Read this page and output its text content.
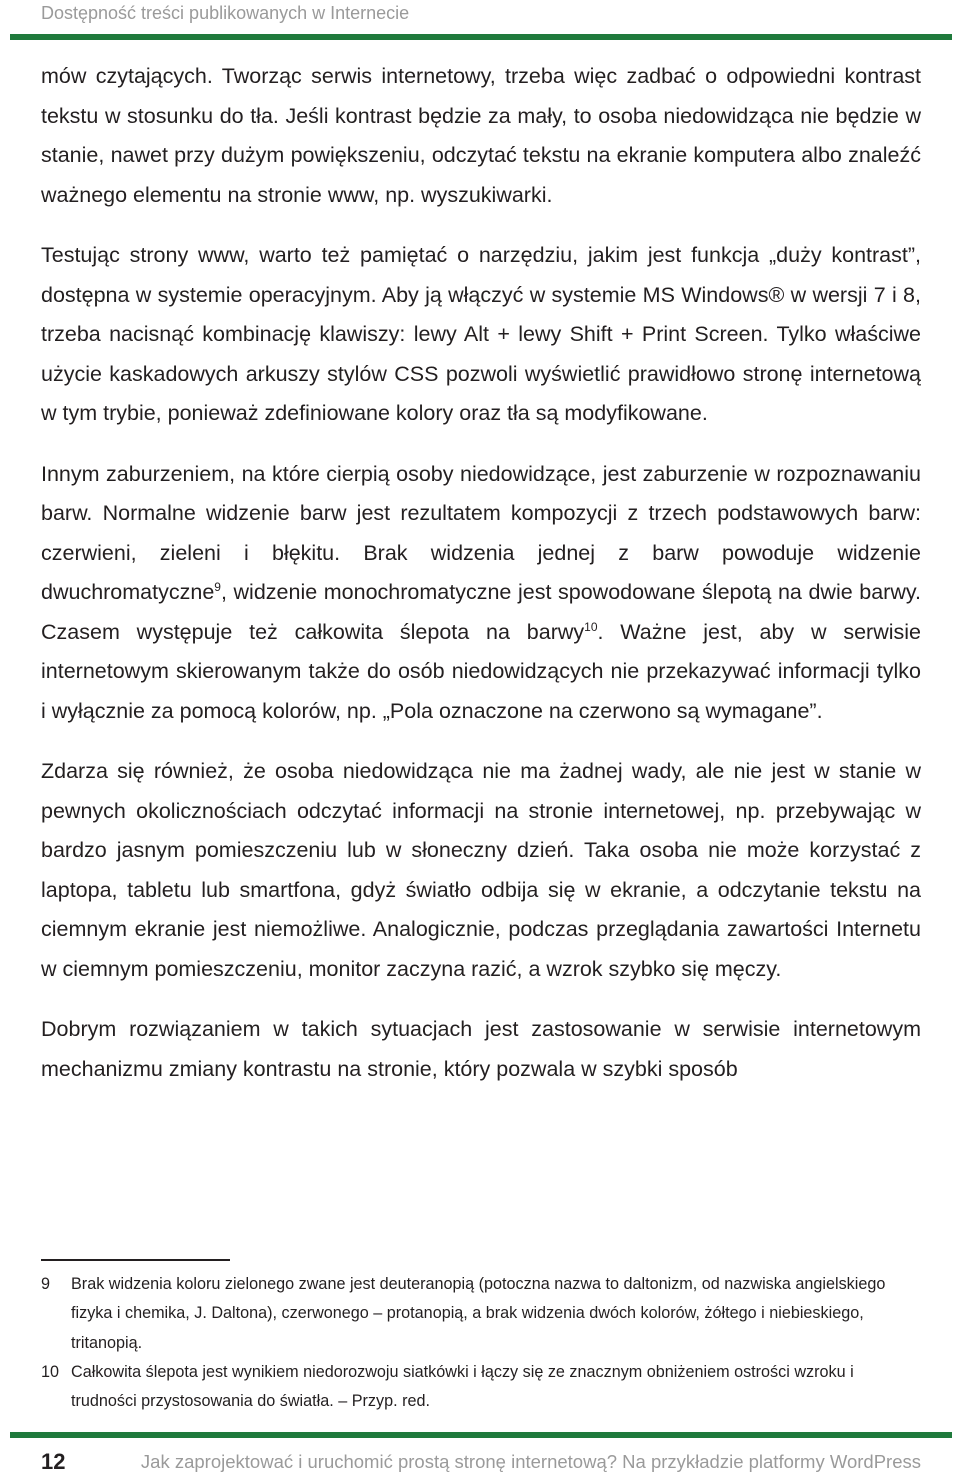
Dostępność treści publikowanych w Internecie

mów czytających. Tworząc serwis internetowy, trzeba więc zadbać o odpowiedni kontrast tekstu w stosunku do tła. Jeśli kontrast będzie za mały, to osoba niedowidząca nie będzie w stanie, nawet przy dużym powiększeniu, odczytać tekstu na ekranie komputera albo znaleźć ważnego elementu na stronie www, np. wyszukiwarki.

Testując strony www, warto też pamiętać o narzędziu, jakim jest funkcja „duży kontrast”, dostępna w systemie operacyjnym. Aby ją włączyć w systemie MS Windows® w wersji 7 i 8, trzeba nacisnąć kombinację klawiszy: lewy Alt + lewy Shift + Print Screen. Tylko właściwe użycie kaskadowych arkuszy stylów CSS pozwoli wyświetlić prawidłowo stronę internetową w tym trybie, ponieważ zdefiniowane kolory oraz tła są modyfikowane.

Innym zaburzeniem, na które cierpią osoby niedowidzące, jest zaburzenie w rozpoznawaniu barw. Normalne widzenie barw jest rezultatem kompozycji z trzech podstawowych barw: czerwieni, zieleni i błękitu. Brak widzenia jednej z barw powoduje widzenie dwuchromatyczne$^9$, widzenie monochromatyczne jest spowodowane ślepotą na dwie barwy. Czasem występuje też całkowita ślepota na barwy$^{10}$. Ważne jest, aby w serwisie internetowym skierowanym także do osób niedowidzących nie przekazywać informacji tylko i wyłącznie za pomocą kolorów, np. „Pola oznaczone na czerwono są wymagane”.

Zdarza się również, że osoba niedowidząca nie ma żadnej wady, ale nie jest w stanie w pewnych okolicznościach odczytać informacji na stronie internetowej, np. przebywając w bardzo jasnym pomieszczeniu lub w słoneczny dzień. Taka osoba nie może korzystać z laptopa, tabletu lub smartfona, gdyż światło odbija się w ekranie, a odczytanie tekstu na ciemnym ekranie jest niemożliwe. Analogicznie, podczas przeglądania zawartości Internetu w ciemnym pomieszczeniu, monitor zaczyna razić, a wzrok szybko się męczy.

Dobrym rozwiązaniem w takich sytuacjach jest zastosowanie w serwisie internetowym mechanizmu zmiany kontrastu na stronie, który pozwala w szybki sposób

9	Brak widzenia koloru zielonego zwane jest deuteranopią (potoczna nazwa to daltonizm, od nazwiska angielskiego fizyka i chemika, J. Daltona), czerwonego – protanopią, a brak widzenia dwóch kolorów, żółtego i niebieskiego, tritanopią.
10 Całkowita ślepota jest wynikiem niedorozwoju siatkówki i łączy się ze znacznym obniżeniem ostrości wzroku i trudności przystosowania do światła. – Przyp. red.
12	Jak zaprojektować i uruchomić prostą stronę internetową? Na przykładzie platformy WordPress
